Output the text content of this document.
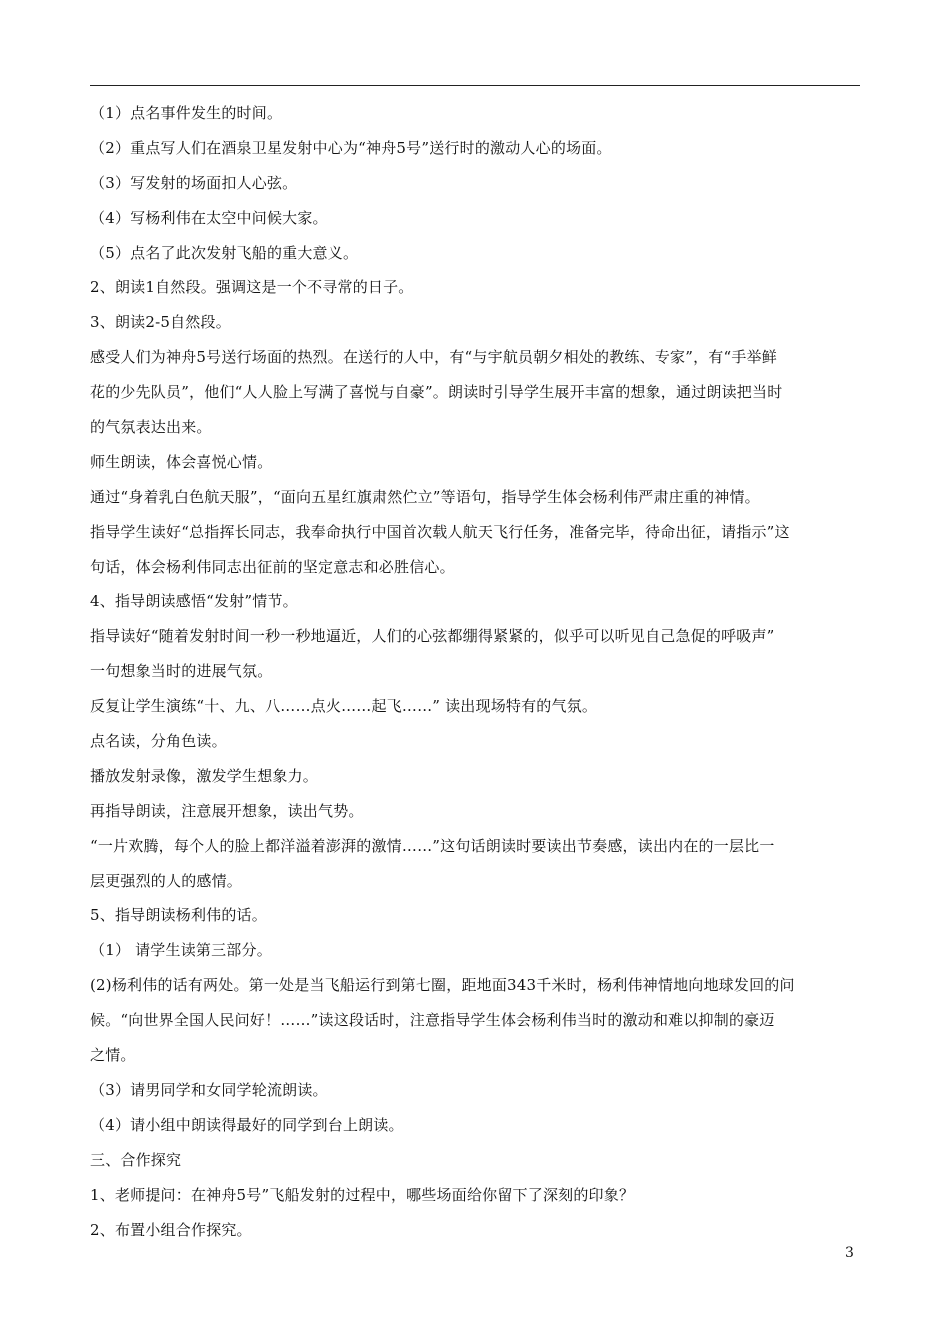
（1）点名事件发生的时间。
（2）重点写人们在酒泉卫星发射中心为“神舟5号”送行时的激动人心的场面。
（3）写发射的场面扣人心弦。
（4）写杨利伟在太空中问候大家。
（5）点名了此次发射飞船的重大意义。
2、朗读1自然段。强调这是一个不寻常的日子。
3、朗读2-5自然段。
感受人们为神舟5号送行场面的热烈。在送行的人中，有“与宇航员朝夕相处的教练、专家”，有“手举鲜
花的少先队员”，他们“人人脸上写满了喜悦与自豪”。朗读时引导学生展开丰富的想象，通过朗读把当时
的气氛表达出来。
师生朗读，体会喜悦心情。
通过“身着乳白色航天服”，“面向五星红旗肃然伫立”等语句，指导学生体会杨利伟严肃庄重的神情。
指导学生读好“总指挥长同志，我奉命执行中国首次载人航天飞行任务，准备完毕，待命出征，请指示”这
句话，体会杨利伟同志出征前的坚定意志和必胜信心。
4、指导朗读感悟“发射”情节。
指导读好“随着发射时间一秒一秒地逼近，人们的心弦都绷得紧紧的，似乎可以听见自己急促的呼吸声”
一句想象当时的进展气氛。
反复让学生演练“十、九、八……点火……起飞……” 读出现场特有的气氛。
点名读，分角色读。
播放发射录像，激发学生想象力。
再指导朗读，注意展开想象，读出气势。
“一片欢腾，每个人的脸上都洋溢着澎湃的激情……”这句话朗读时要读出节奏感，读出内在的一层比一
层更强烈的人的感情。
5、指导朗读杨利伟的话。
（1） 请学生读第三部分。
(2)杨利伟的话有两处。第一处是当飞船运行到第七圈，距地面343千米时，杨利伟神情地向地球发回的问
候。“向世界全国人民问好！……”读这段话时，注意指导学生体会杨利伟当时的激动和难以抑制的豪迈
之情。
（3）请男同学和女同学轮流朗读。
（4）请小组中朗读得最好的同学到台上朗读。
三、合作探究
1、老师提问：在神舟5号”飞船发射的过程中，哪些场面给你留下了深刻的印象？
2、布置小组合作探究。
3
